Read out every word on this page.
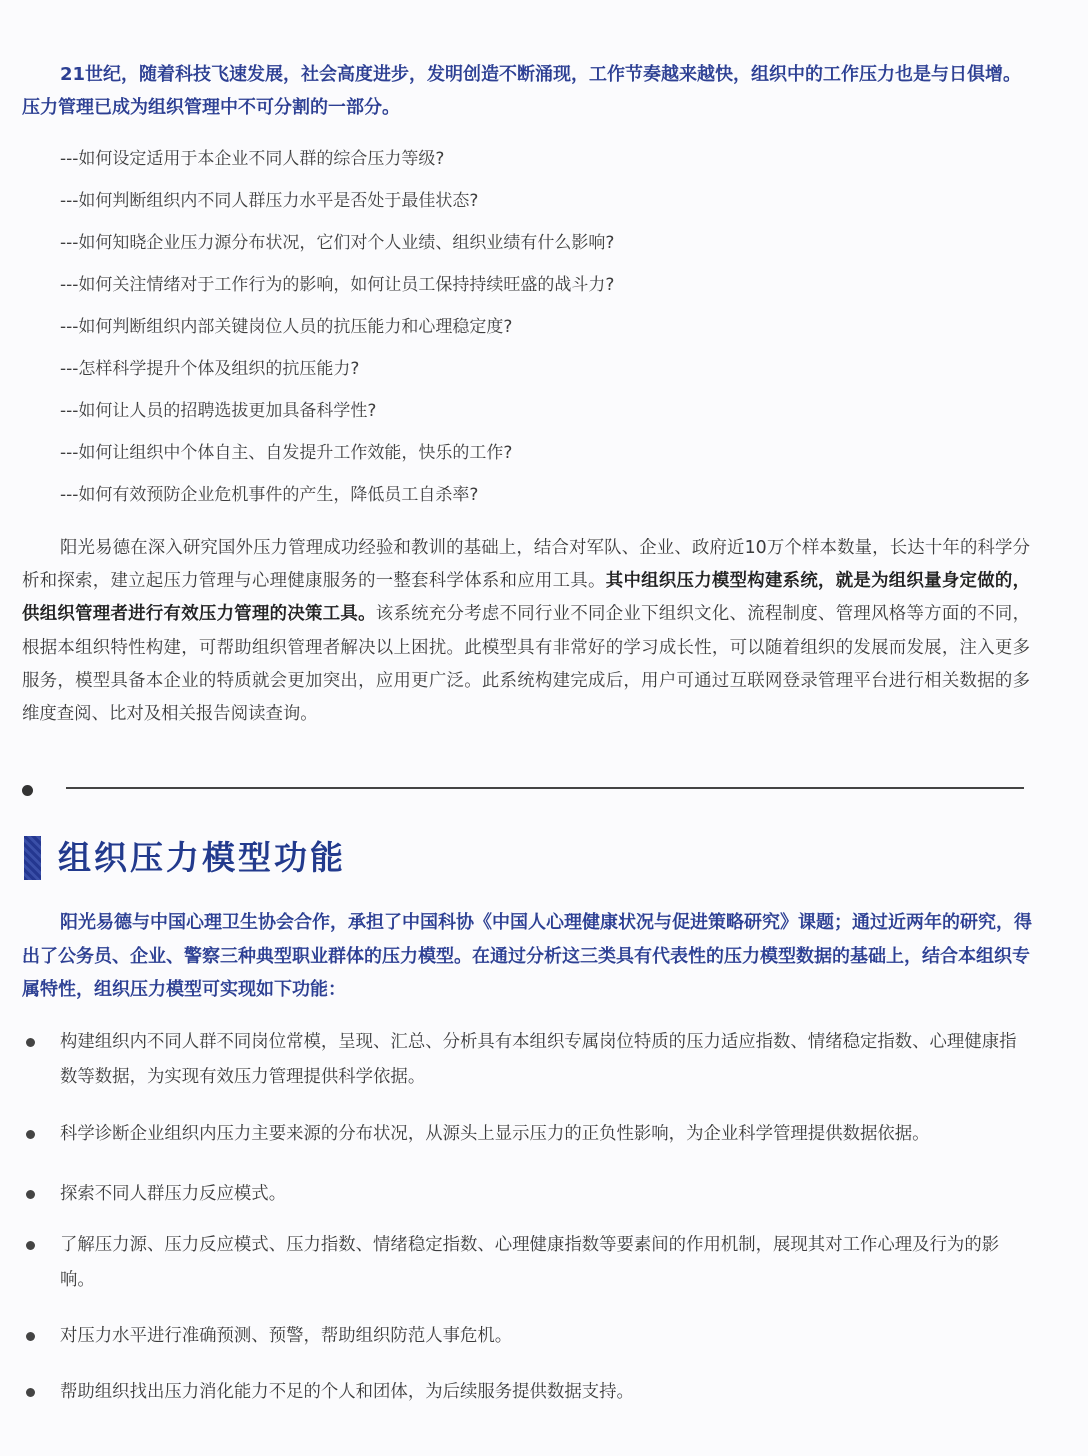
21世纪，随着科技飞速发展，社会高度进步，发明创造不断涌现，工作节奏越来越快，组织中的工作压力也是与日俱增。压力管理已成为组织管理中不可分割的一部分。

---如何设定适用于本企业不同人群的综合压力等级?
---如何判断组织内不同人群压力水平是否处于最佳状态?
---如何知晓企业压力源分布状况，它们对个人业绩、组织业绩有什么影响?
---如何关注情绪对于工作行为的影响，如何让员工保持持续旺盛的战斗力?
---如何判断组织内部关键岗位人员的抗压能力和心理稳定度?
---怎样科学提升个体及组织的抗压能力?
---如何让人员的招聘选拔更加具备科学性?
---如何让组织中个体自主、自发提升工作效能，快乐的工作?
---如何有效预防企业危机事件的产生，降低员工自杀率?

阳光易德在深入研究国外压力管理成功经验和教训的基础上，结合对军队、企业、政府近10万个样本数量，长达十年的科学分析和探索，建立起压力管理与心理健康服务的一整套科学体系和应用工具。其中组织压力模型构建系统，就是为组织量身定做的，供组织管理者进行有效压力管理的决策工具。该系统充分考虑不同行业不同企业下组织文化、流程制度、管理风格等方面的不同，根据本组织特性构建，可帮助组织管理者解决以上困扰。此模型具有非常好的学习成长性，可以随着组织的发展而发展，注入更多服务，模型具备本企业的特质就会更加突出，应用更广泛。此系统构建完成后，用户可通过互联网登录管理平台进行相关数据的多维度查阅、比对及相关报告阅读查询。

组织压力模型功能

阳光易德与中国心理卫生协会合作，承担了中国科协《中国人心理健康状况与促进策略研究》课题；通过近两年的研究，得出了公务员、企业、警察三种典型职业群体的压力模型。在通过分析这三类具有代表性的压力模型数据的基础上，结合本组织专属特性，组织压力模型可实现如下功能：

构建组织内不同人群不同岗位常模，呈现、汇总、分析具有本组织专属岗位特质的压力适应指数、情绪稳定指数、心理健康指数等数据，为实现有效压力管理提供科学依据。
科学诊断企业组织内压力主要来源的分布状况，从源头上显示压力的正负性影响，为企业科学管理提供数据依据。
探索不同人群压力反应模式。
了解压力源、压力反应模式、压力指数、情绪稳定指数、心理健康指数等要素间的作用机制，展现其对工作心理及行为的影响。
对压力水平进行准确预测、预警，帮助组织防范人事危机。
帮助组织找出压力消化能力不足的个人和团体，为后续服务提供数据支持。
